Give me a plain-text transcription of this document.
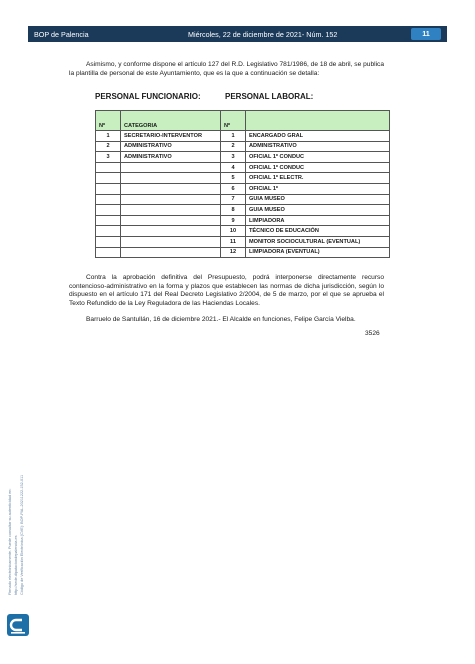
BOP de Palencia	Miércoles, 22 de diciembre de 2021- Núm. 152	11
Asimismo, y conforme dispone el artículo 127 del R.D. Legislativo 781/1986, de 18 de abril, se publica la plantilla de personal de este Ayuntamiento, que es la que a continuación se detalla:
PERSONAL FUNCIONARIO:	PERSONAL LABORAL:
Nº	CATEGORIA	Nº	
1	SECRETARIO-INTERVENTOR	1	ENCARGADO GRAL
2	ADMINISTRATIVO	2	ADMINISTRATIVO
3	ADMINISTRATIVO	3	OFICIAL 1º CONDUC
		4	OFICIAL 1º CONDUC
		5	OFICIAL 1º ELECTR.
		6	OFICIAL 1º
		7	GUIA MUSEO
		8	GUIA MUSEO
		9	LIMPIADORA
		10	TÉCNICO DE EDUCACIÓN
		11	MONITOR SOCIOCULTURAL (EVENTUAL)
		12	LIMPIADORA (EVENTUAL)
Contra la aprobación definitiva del Presupuesto, podrá interponerse directamente recurso contencioso-administrativo en la forma y plazos que establecen las normas de dicha jurisdicción, según lo dispuesto en el artículo 171 del Real Decreto Legislativo 2/2004, de 5 de marzo, por el que se aprueba el Texto Refundido de la Ley Reguladora de las Haciendas Locales.
Barruelo de Santullán, 16 de diciembre 2021.- El Alcalde en funciones, Felipe García Vielba.
3526
Firmado electrónicamente. Puede consultar su autenticidad en: http://sede.diputaciondepalencia.es Código de Verificación Electrónica (CVE): BOP-PAL-20211222-152-011
